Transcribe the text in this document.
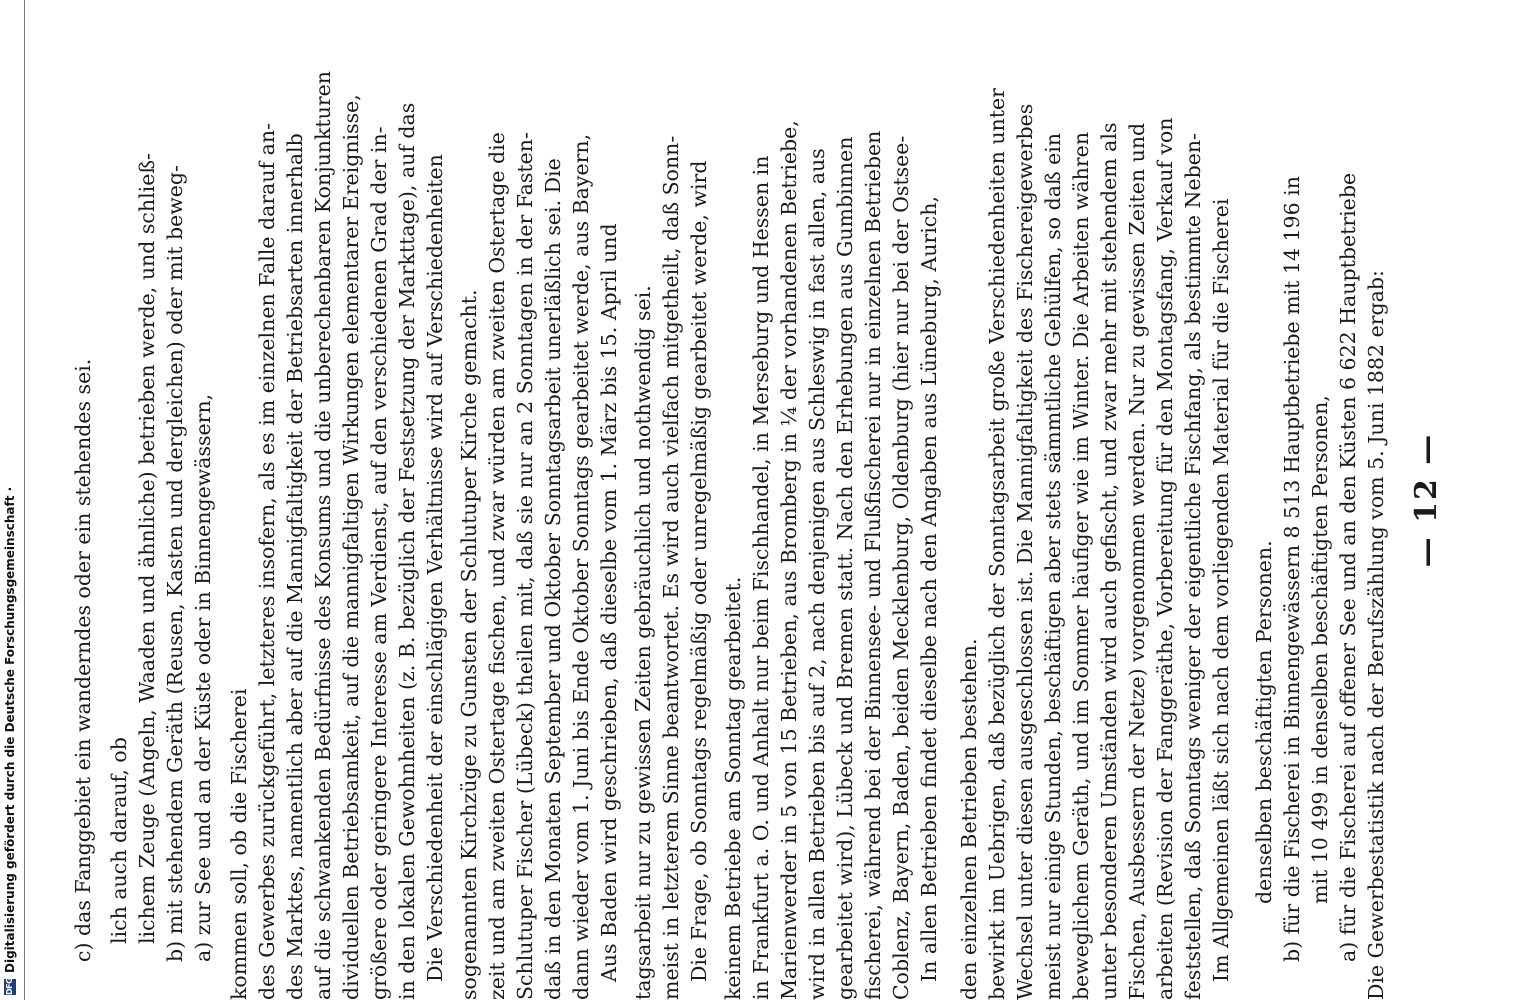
DFG
Digitalisierung gefördert durch die Deutsche Forschungsgemeinschaft ·	— 12 —

Die Gewerbestatistik nach der Berufszählung vom 5. Juni 1882 ergab:

a) für die Fischerei auf offener See und an den Küsten 6 622 Hauptbetriebe

mit 10 499 in denselben beschäftigten Personen,

b) für die Fischerei in Binnengewässern 8 513 Hauptbetriebe mit 14 196 in

denselben beschäftigten Personen.

Im Allgemeinen läßt sich nach dem vorliegenden Material für die Fischerei

feststellen, daß Sonntags weniger der eigentliche Fischfang, als bestimmte Neben-

arbeiten (Revision der Fanggeräthe, Vorbereitung für den Montagsfang, Verkauf von

Fischen, Ausbessern der Netze) vorgenommen werden. Nur zu gewissen Zeiten und

unter besonderen Umständen wird auch gefischt, und zwar mehr mit stehendem als

beweglichem Geräth, und im Sommer häufiger wie im Winter. Die Arbeiten währen

meist nur einige Stunden, beschäftigen aber stets sämmtliche Gehülfen, so daß ein

Wechsel unter diesen ausgeschlossen ist. Die Mannigfaltigkeit des Fischereigewerbes

bewirkt im Uebrigen, daß bezüglich der Sonntagsarbeit große Verschiedenheiten unter

den einzelnen Betrieben bestehen.

In allen Betrieben findet dieselbe nach den Angaben aus Lüneburg, Aurich,

Coblenz, Bayern, Baden, beiden Mecklenburg, Oldenburg (hier nur bei der Ostsee-

fischerei, während bei der Binnensee- und Flußfischerei nur in einzelnen Betrieben

gearbeitet wird), Lübeck und Bremen statt. Nach den Erhebungen aus Gumbinnen

wird in allen Betrieben bis auf 2, nach denjenigen aus Schleswig in fast allen, aus

Marienwerder in 5 von 15 Betrieben, aus Bromberg in ¼ der vorhandenen Betriebe,

in Frankfurt a. O. und Anhalt nur beim Fischhandel, in Merseburg und Hessen in

keinem Betriebe am Sonntag gearbeitet.

Die Frage, ob Sonntags regelmäßig oder unregelmäßig gearbeitet werde, wird

meist in letzterem Sinne beantwortet. Es wird auch vielfach mitgetheilt, daß Sonn-

tagsarbeit nur zu gewissen Zeiten gebräuchlich und nothwendig sei.

Aus Baden wird geschrieben, daß dieselbe vom 1. März bis 15. April und

dann wieder vom 1. Juni bis Ende Oktober Sonntags gearbeitet werde, aus Bayern,

daß in den Monaten September und Oktober Sonntagsarbeit unerläßlich sei. Die

Schlutuper Fischer (Lübeck) theilen mit, daß sie nur an 2 Sonntagen in der Fasten-

zeit und am zweiten Ostertage fischen, und zwar würden am zweiten Ostertage die

sogenannten Kirchzüge zu Gunsten der Schlutuper Kirche gemacht.

Die Verschiedenheit der einschlägigen Verhältnisse wird auf Verschiedenheiten

in den lokalen Gewohnheiten (z. B. bezüglich der Festsetzung der Markttage), auf das

größere oder geringere Interesse am Verdienst, auf den verschiedenen Grad der in-

dividuellen Betriebsamkeit, auf die mannigfaltigen Wirkungen elementarer Ereignisse,

auf die schwankenden Bedürfnisse des Konsums und die unberechenbaren Konjunkturen

des Marktes, namentlich aber auf die Mannigfaltigkeit der Betriebsarten innerhalb

des Gewerbes zurückgeführt, letzteres insofern, als es im einzelnen Falle darauf an-

kommen soll, ob die Fischerei

a) zur See und an der Küste oder in Binnengewässern,

b) mit stehendem Geräth (Reusen, Kasten und dergleichen) oder mit beweg-

lichem Zeuge (Angeln, Waaden und ähnliche) betrieben werde, und schließ-

lich auch darauf, ob

c) das Fanggebiet ein wanderndes oder ein stehendes sei.
